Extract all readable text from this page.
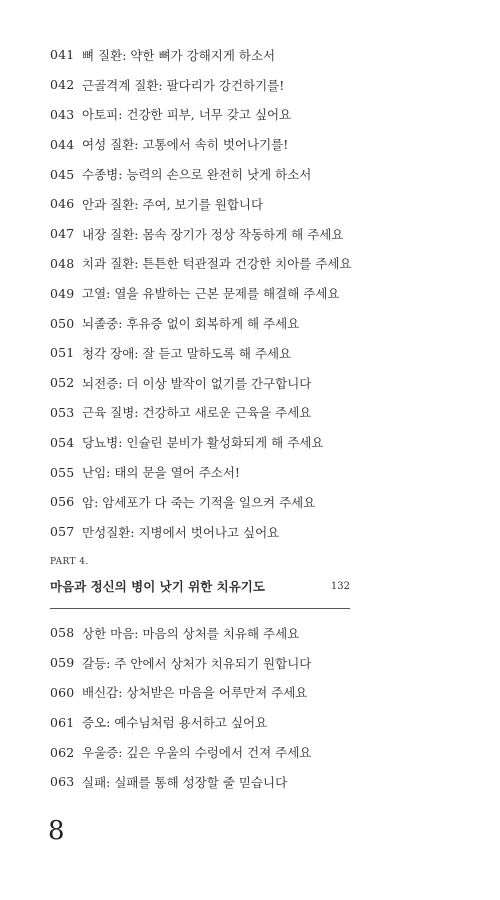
041 뼈 질환: 약한 뼈가 강해지게 하소서
042 근골격계 질환: 팔다리가 강건하기를!
043 아토피: 건강한 피부, 너무 갖고 싶어요
044 여성 질환: 고통에서 속히 벗어나기를!
045 수종병: 능력의 손으로 완전히 낫게 하소서
046 안과 질환: 주여, 보기를 원합니다
047 내장 질환: 몸속 장기가 정상 작동하게 해 주세요
048 치과 질환: 튼튼한 턱관절과 건강한 치아를 주세요
049 고열: 열을 유발하는 근본 문제를 해결해 주세요
050 뇌졸중: 후유증 없이 회복하게 해 주세요
051 청각 장애: 잘 듣고 말하도록 해 주세요
052 뇌전증: 더 이상 발작이 없기를 간구합니다
053 근육 질병: 건강하고 새로운 근육을 주세요
054 당뇨병: 인슐린 분비가 활성화되게 해 주세요
055 난임: 태의 문을 열어 주소서!
056 암: 암세포가 다 죽는 기적을 일으켜 주세요
057 만성질환: 지병에서 벗어나고 싶어요
PART 4.
마음과 정신의 병이 낫기 위한 치유기도	132
058 상한 마음: 마음의 상처를 치유해 주세요
059 갈등: 주 안에서 상처가 치유되기 원합니다
060 배신감: 상처받은 마음을 어루만져 주세요
061 증오: 예수님처럼 용서하고 싶어요
062 우울증: 깊은 우울의 수렁에서 건져 주세요
063 실패: 실패를 통해 성장할 줄 믿습니다
8
